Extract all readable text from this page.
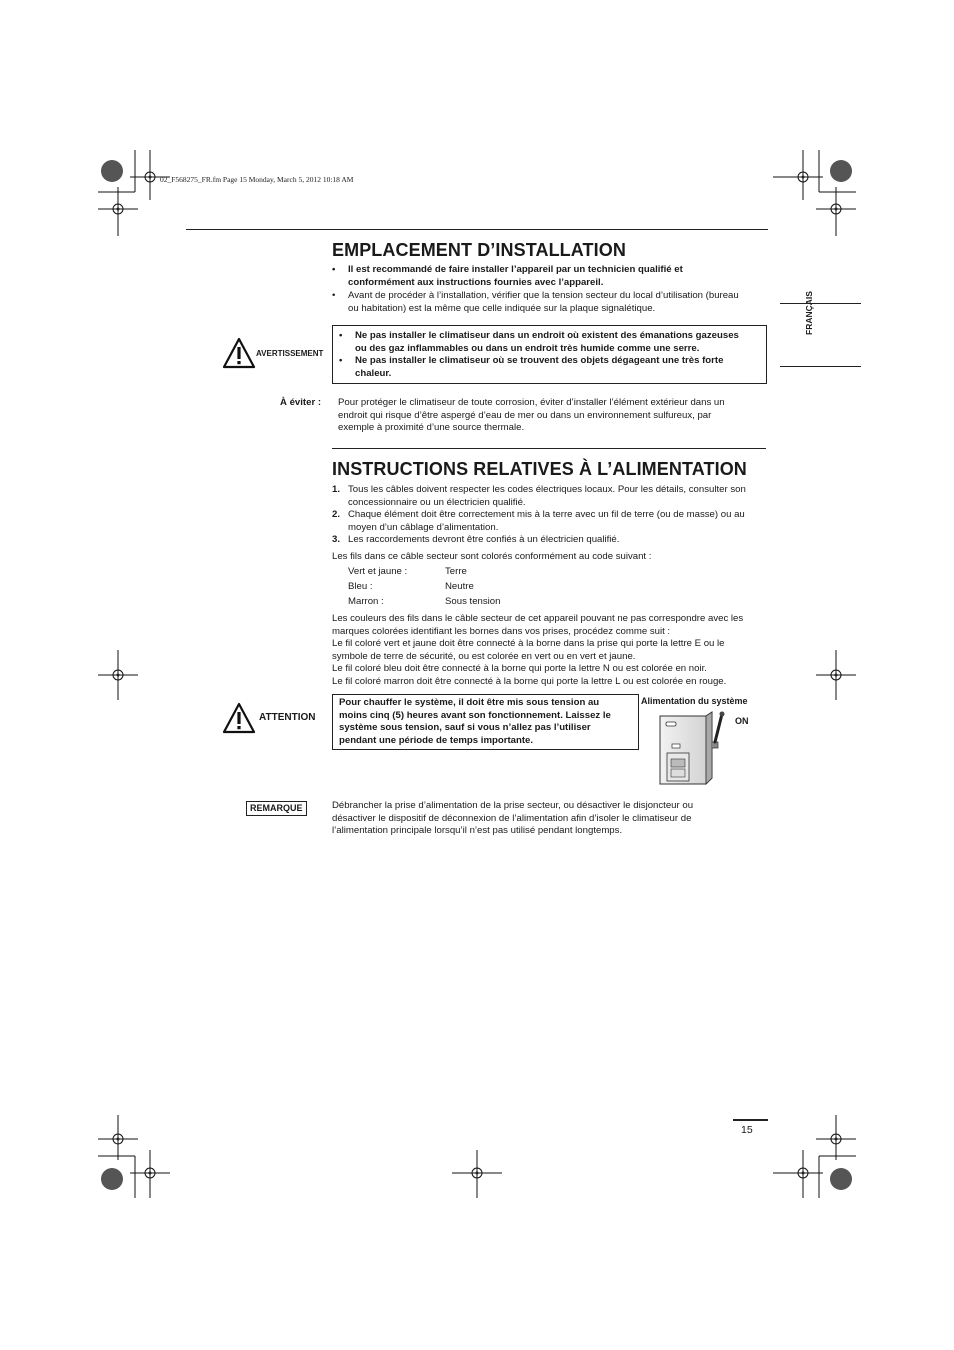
02_F568275_FR.fm Page 15 Monday, March 5, 2012 10:18 AM
FRANÇAIS
EMPLACEMENT D’INSTALLATION
• Il est recommandé de faire installer l’appareil par un technicien qualifié et
conformément aux instructions fournies avec l’appareil.
• Avant de procéder à l’installation, vérifier que la tension secteur du local d’utilisation (bureau
ou habitation) est la même que celle indiquée sur la plaque signalétique.
AVERTISSEMENT
• Ne pas installer le climatiseur dans un endroit où existent des émanations gazeuses
ou des gaz inflammables ou dans un endroit très humide comme une serre.
• Ne pas installer le climatiseur où se trouvent des objets dégageant une très forte
chaleur.
À éviter : Pour protéger le climatiseur de toute corrosion, éviter d’installer l’élément extérieur dans un
endroit qui risque d’être aspergé d’eau de mer ou dans un environnement sulfureux, par
exemple à proximité d’une source thermale.
INSTRUCTIONS RELATIVES À L’ALIMENTATION
1. Tous les câbles doivent respecter les codes électriques locaux. Pour les détails, consulter son
concessionnaire ou un électricien qualifié.
2. Chaque élément doit être correctement mis à la terre avec un fil de terre (ou de masse) ou au
moyen d’un câblage d’alimentation.
3. Les raccordements devront être confiés à un électricien qualifié.
Les fils dans ce câble secteur sont colorés conformément au code suivant :
Vert et jaune :	Terre
Bleu :	Neutre
Marron :	Sous tension
Les couleurs des fils dans le câble secteur de cet appareil pouvant ne pas correspondre avec les
marques colorées identifiant les bornes dans vos prises, procédez comme suit :
Le fil coloré vert et jaune doit être connecté à la borne dans la prise qui porte la lettre E ou le
symbole de terre de sécurité, ou est colorée en vert ou en vert et jaune.
Le fil coloré bleu doit être connecté à la borne qui porte la lettre N ou est colorée en noir.
Le fil coloré marron doit être connecté à la borne qui porte la lettre L ou est colorée en rouge.
ATTENTION
Pour chauffer le système, il doit être mis sous tension au
moins cinq (5) heures avant son fonctionnement. Laissez le
système sous tension, sauf si vous n’allez pas l’utiliser
pendant une période de temps importante.
Alimentation du système
ON
REMARQUE	Débrancher la prise d’alimentation de la prise secteur, ou désactiver le disjoncteur ou
désactiver le dispositif de déconnexion de l’alimentation afin d’isoler le climatiseur de
l’alimentation principale lorsqu’il n’est pas utilisé pendant longtemps.
15
